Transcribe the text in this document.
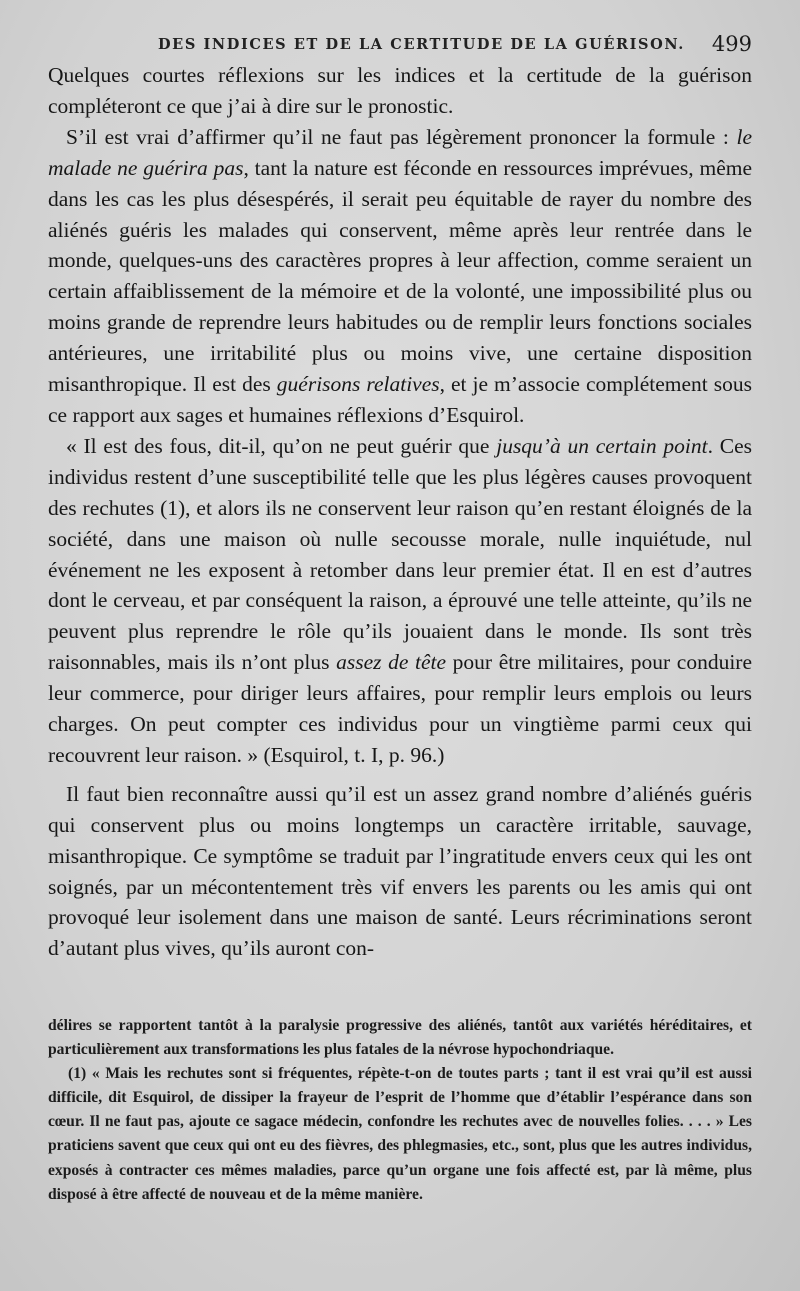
DES INDICES ET DE LA CERTITUDE DE LA GUÉRISON. 499

Quelques courtes réflexions sur les indices et la certitude de la guérison compléteront ce que j’ai à dire sur le pronostic.

S’il est vrai d’affirmer qu’il ne faut pas légèrement prononcer la formule : le malade ne guérira pas, tant la nature est féconde en ressources imprévues, même dans les cas les plus désespérés, il serait peu équitable de rayer du nombre des aliénés guéris les malades qui conservent, même après leur rentrée dans le monde, quelques-uns des caractères propres à leur affection, comme seraient un certain affaiblissement de la mémoire et de la volonté, une impossibilité plus ou moins grande de reprendre leurs habitudes ou de remplir leurs fonctions sociales antérieures, une irritabilité plus ou moins vive, une certaine disposition misanthropique. Il est des guérisons relatives, et je m’associe complétement sous ce rapport aux sages et humaines réflexions d’Esquirol.

« Il est des fous, dit-il, qu’on ne peut guérir que jusqu’à un certain point. Ces individus restent d’une susceptibilité telle que les plus légères causes provoquent des rechutes (1), et alors ils ne conservent leur raison qu’en restant éloignés de la société, dans une maison où nulle secousse morale, nulle inquiétude, nul événement ne les exposent à retomber dans leur premier état. Il en est d’autres dont le cerveau, et par conséquent la raison, a éprouvé une telle atteinte, qu’ils ne peuvent plus reprendre le rôle qu’ils jouaient dans le monde. Ils sont très raisonnables, mais ils n’ont plus assez de tête pour être militaires, pour conduire leur commerce, pour diriger leurs affaires, pour remplir leurs emplois ou leurs charges. On peut compter ces individus pour un vingtième parmi ceux qui recouvrent leur raison. » (Esquirol, t. I, p. 96.)

Il faut bien reconnaître aussi qu’il est un assez grand nombre d’aliénés guéris qui conservent plus ou moins longtemps un caractère irritable, sauvage, misanthropique. Ce symptôme se traduit par l’ingratitude envers ceux qui les ont soignés, par un mécontentement très vif envers les parents ou les amis qui ont provoqué leur isolement dans une maison de santé. Leurs récriminations seront d’autant plus vives, qu’ils auront con-

délires se rapportent tantôt à la paralysie progressive des aliénés, tantôt aux variétés héréditaires, et particulièrement aux transformations les plus fatales de la névrose hypochondriaque.

(1) « Mais les rechutes sont si fréquentes, répète-t-on de toutes parts ; tant il est vrai qu’il est aussi difficile, dit Esquirol, de dissiper la frayeur de l’esprit de l’homme que d’établir l’espérance dans son cœur. Il ne faut pas, ajoute ce sagace médecin, confondre les rechutes avec de nouvelles folies. . . . » Les praticiens savent que ceux qui ont eu des fièvres, des phlegmasies, etc., sont, plus que les autres individus, exposés à contracter ces mêmes maladies, parce qu’un organe une fois affecté est, par là même, plus disposé à être affecté de nouveau et de la même manière.
